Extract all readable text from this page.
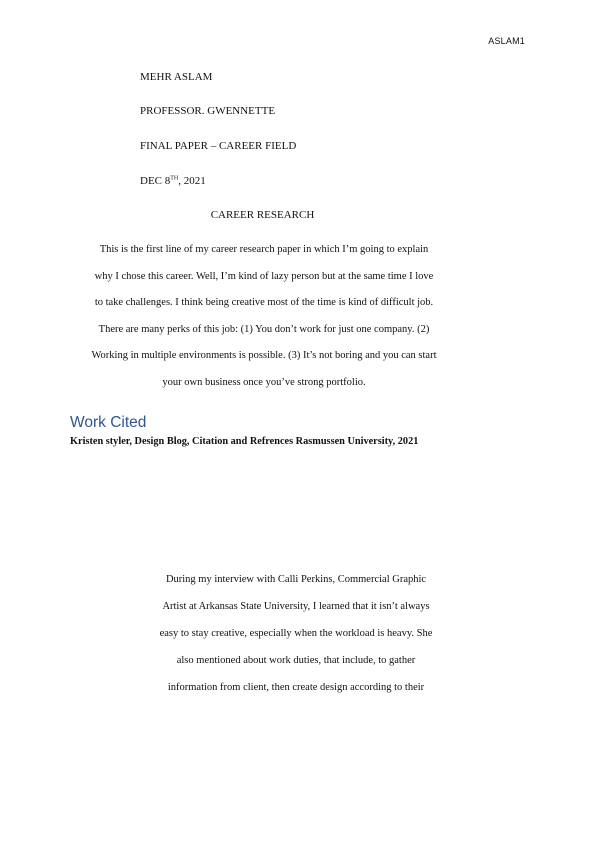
ASLAM1
MEHR ASLAM
PROFESSOR. GWENNETTE
FINAL PAPER – CAREER FIELD
DEC 8TH, 2021
CAREER RESEARCH
This is the first line of my career research paper in which I’m going to explain
why I chose this career. Well, I’m kind of lazy person but at the same time I love
to take challenges. I think being creative most of the time is kind of difficult job.
There are many perks of this job: (1) You don’t work for just one company. (2)
Working in multiple environments is possible. (3) It’s not boring and you can start
your own business once you’ve strong portfolio.
Work Cited
Kristen styler, Design Blog, Citation and Refrences Rasmussen University, 2021
During my interview with Calli Perkins, Commercial Graphic
Artist at Arkansas State University, I learned that it isn’t always
easy to stay creative, especially when the workload is heavy. She
also mentioned about work duties, that include, to gather
information from client, then create design according to their
